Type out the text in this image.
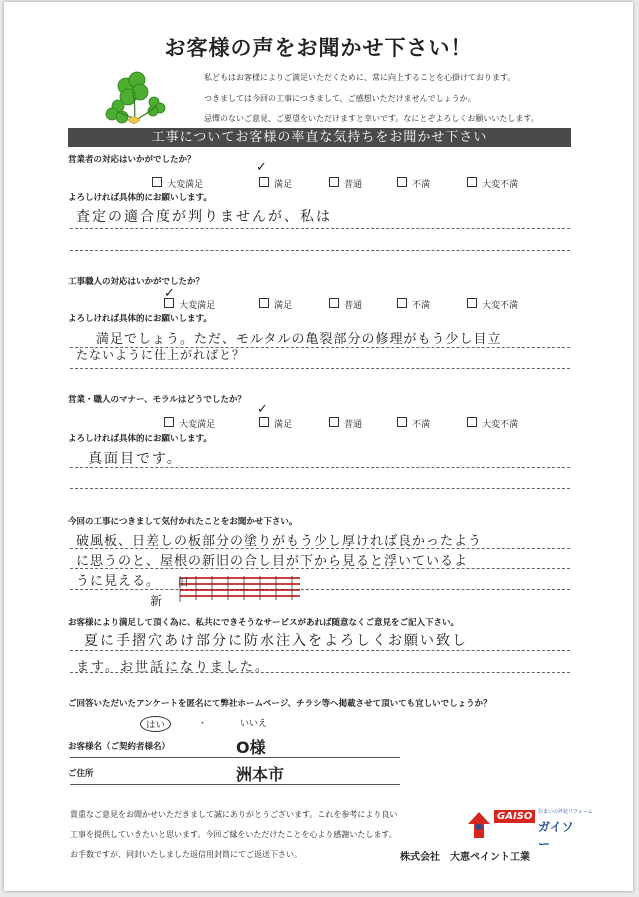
お客様の声をお聞かせ下さい！
私どもはお客様によりご満足いただくために、常に向上することを心掛けております。
つきましては今回の工事につきまして、ご感想いただけませんでしょうか。
忌憚のないご意見、ご要望をいただけますと幸いです。なにとぞよろしくお願いいたします。
工事についてお客様の率直な気持ちをお聞かせ下さい
営業者の対応はいかがでしたか？
大変満足	満足	普通	不満	大変不満
✓
よろしければ具体的にお願いします。
査定の適合度が判りませんが、私は
工事職人の対応はいかがでしたか？
大変満足	満足	普通	不満	大変不満
✓
よろしければ具体的にお願いします。
満足でしょう。ただ、モルタルの亀裂部分の修理がもう少し目立
たないように仕上がればと？
営業・職人のマナー、モラルはどうでしたか？
大変満足	満足	普通	不満	大変不満
✓
よろしければ具体的にお願いします。
真面目です。
今回の工事につきまして気付かれたことをお聞かせ下さい。
破風板、日差しの板部分の塗りがもう少し厚ければ良かったよう
に思うのと、屋根の新旧の合し目が下から見ると浮いているよ
うに見える。
新
旧
お客様により満足して頂く為に、私共にできそうなサービスがあれば随意なくご意見をご記入下さい。
夏に手摺穴あけ部分に防水注入をよろしくお願い致し
ます。お世話になりました。
ご回答いただいたアンケートを匿名にて弊社ホームページ、チラシ等へ掲載させて頂いても宜しいでしょうか？
はい	・	いいえ
お客様名（ご契約者様名）	O様
ご住所	洲本市
貴重なご意見をお聞かせいただきまして誠にありがとうございます。これを参考により良い
工事を提供していきたいと思います。今回ご縁をいただけたことを心より感謝いたします。
お手数ですが、同封いたしました返信用封筒にてご返送下さい。	株式会社　大恵ペイント工業
GAISO	住まいの外装リフォーム
ガイソー
